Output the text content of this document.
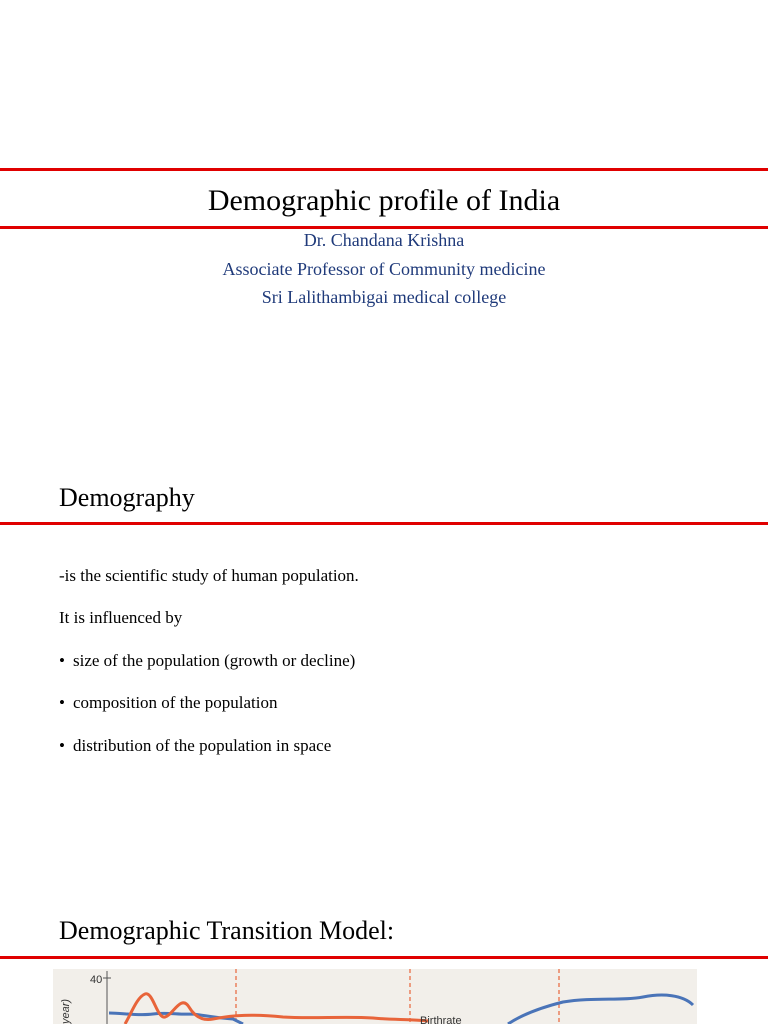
Demographic profile of India
Dr. Chandana Krishna
Associate Professor of Community medicine
Sri Lalithambigai medical college
Demography
-is the scientific study of human population.
It is influenced by
• size of the population (growth or decline)
• composition of the population
• distribution of the population in space
Demographic Transition Model:
40
year)	Birthrate
